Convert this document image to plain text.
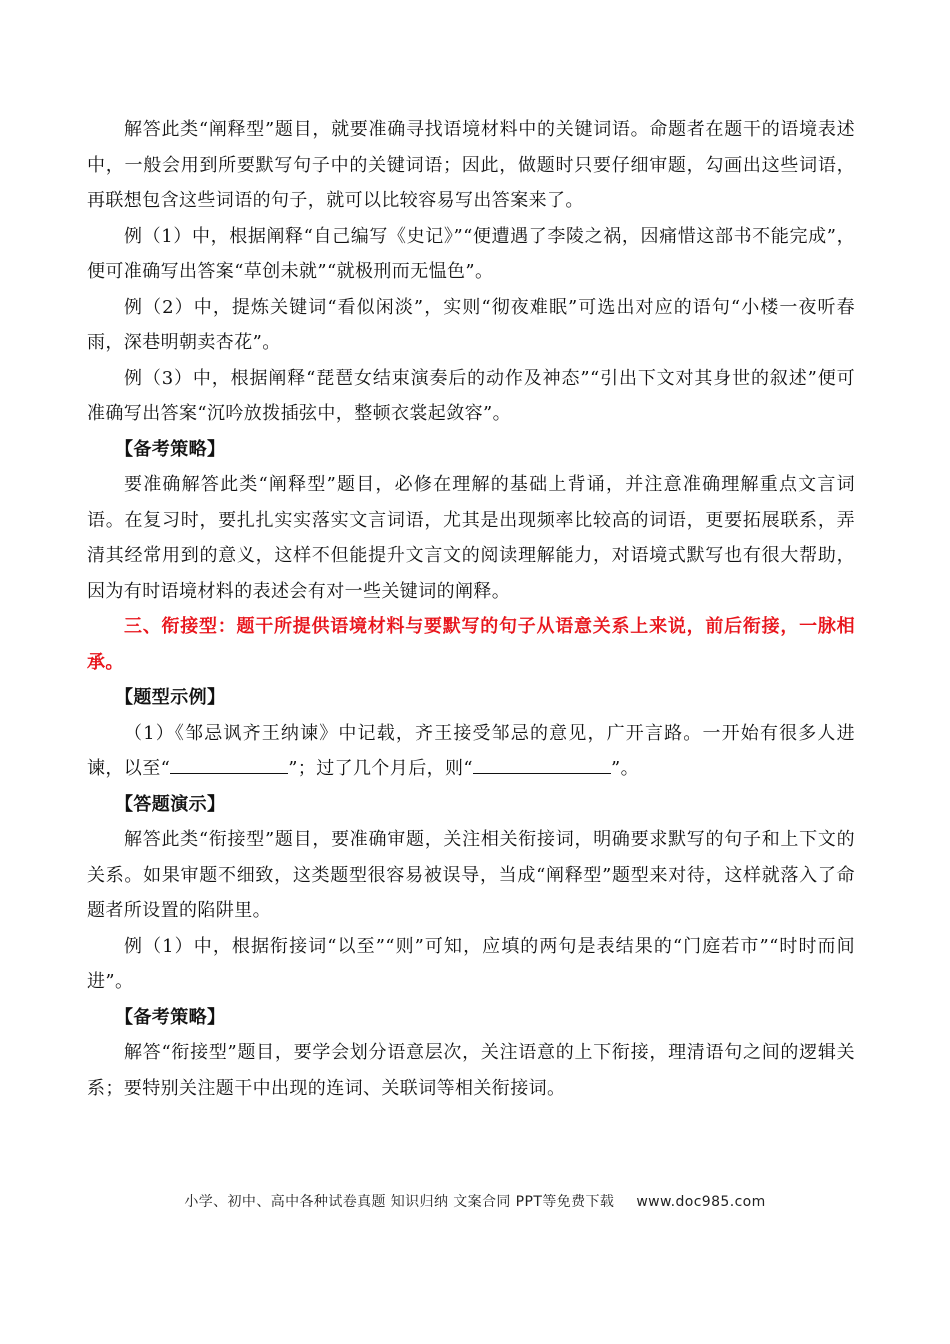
解答此类“阐释型”题目，就要准确寻找语境材料中的关键词语。命题者在题干的语境表述中，一般会用到所要默写句子中的关键词语；因此，做题时只要仔细审题，勾画出这些词语，再联想包含这些词语的句子，就可以比较容易写出答案来了。

例（1）中，根据阐释“自己编写《史记》”“便遭遇了李陵之祸，因痛惜这部书不能完成”，便可准确写出答案“草创未就”“就极刑而无愠色”。

例（2）中，提炼关键词“看似闲淡”，实则“彻夜难眠”可选出对应的语句“小楼一夜听春雨，深巷明朝卖杏花”。

例（3）中，根据阐释“琵琶女结束演奏后的动作及神态”“引出下文对其身世的叙述”便可准确写出答案“沉吟放拨插弦中，整顿衣裳起敛容”。

【备考策略】

要准确解答此类“阐释型”题目，必修在理解的基础上背诵，并注意准确理解重点文言词语。在复习时，要扎扎实实落实文言词语，尤其是出现频率比较高的词语，更要拓展联系，弄清其经常用到的意义，这样不但能提升文言文的阅读理解能力，对语境式默写也有很大帮助，因为有时语境材料的表述会有对一些关键词的阐释。

三、衔接型：题干所提供语境材料与要默写的句子从语意关系上来说，前后衔接，一脉相承。

【题型示例】

（1）《邹忌讽齐王纳谏》中记载，齐王接受邹忌的意见，广开言路。一开始有很多人进谏，以至“	”；过了几个月后，则“	”。

【答题演示】

解答此类“衔接型”题目，要准确审题，关注相关衔接词，明确要求默写的句子和上下文的关系。如果审题不细致，这类题型很容易被误导，当成“阐释型”题型来对待，这样就落入了命题者所设置的陷阱里。

例（1）中，根据衔接词“以至”“则”可知，应填的两句是表结果的“门庭若市”“时时而间进”。

【备考策略】

解答“衔接型”题目，要学会划分语意层次，关注语意的上下衔接，理清语句之间的逻辑关系；要特别关注题干中出现的连词、关联词等相关衔接词。

小学、初中、高中各种试卷真题 知识归纳 文案合同 PPT等免费下载 www.doc985.com
